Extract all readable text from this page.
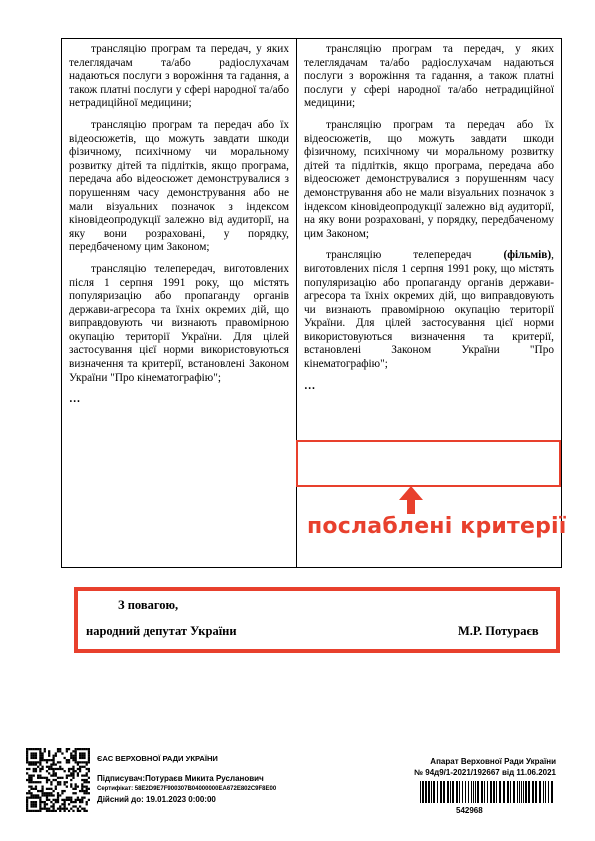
трансляцію програм та передач, у яких телеглядачам та/або радіослухачам надаються послуги з ворожіння та гадання, а також платні послуги у сфері народної та/або нетрадиційної медицини;

трансляцію програм та передач або їх відеосюжетів, що можуть завдати шкоди фізичному, психічному чи моральному розвитку дітей та підлітків, якщо програма, передача або відеосюжет демонструвалися з порушенням часу демонстрування або не мали візуальних позначок з індексом кіновідеопродукції залежно від аудиторії, на яку вони розраховані, у порядку, передбаченому цим Законом;

трансляцію телепередач, виготовлених після 1 серпня 1991 року, що містять популяризацію або пропаганду органів держави-агресора та їхніх окремих дій, що виправдовують чи визнають правомірною окупацію території України. Для цілей застосування цієї норми використовуються визначення та критерії, встановлені Законом України "Про кінематографію";

…

трансляцію програм та передач, у яких телеглядачам та/або радіослухачам надаються послуги з ворожіння та гадання, а також платні послуги у сфері народної та/або нетрадиційної медицини;

трансляцію програм та передач або їх відеосюжетів, що можуть завдати шкоди фізичному, психічному чи моральному розвитку дітей та підлітків, якщо програма, передача або відеосюжет демонструвалися з порушенням часу демонстрування або не мали візуальних позначок з індексом кіновідеопродукції залежно від аудиторії, на яку вони розраховані, у порядку, передбаченому цим Законом;

трансляцію телепередач (фільмів), виготовлених після 1 серпня 1991 року, що містять популяризацію або пропаганду органів держави-агресора та їхніх окремих дій, що виправдовують чи визнають правомірною окупацію території України. Для цілей застосування цієї норми використовуються визначення та критерії, встановлені Законом України "Про кінематографію";

…

послаблені критерії
З повагою,
народний депутат України	М.Р. Потураєв
ЄАС ВЕРХОВНОЇ РАДИ УКРАЇНИ
Підписувач:Потураєв Микита Русланович
Сертифікат: 58E2D9E7F900307B04000000EA672E802C9F8E00
Дійсний до: 19.01.2023 0:00:00
Апарат Верховної Ради України
№ 94д9/1-2021/192667 від 11.06.2021
542968
